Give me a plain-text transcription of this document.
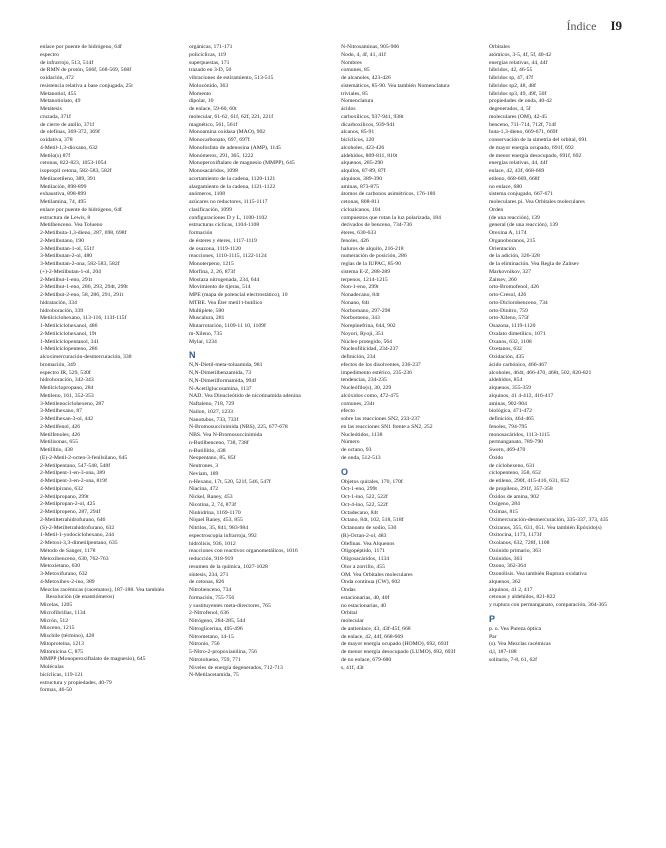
Índice I9
enlace por puente de hidrógeno, 64f
espectro
de infrarrojo, 513, 514f
de RMN de protón, 566f, 568-569, 568f
oxidación, 472
resistencia relativa a base conjugada, 25t
Metanotiol, 455
Metanotiolato, 49
Metátesis
cruzada, 371f
de cierre de anillo, 371f
de olefinas, 369-372, 369f
oxidativa, 378
4-Metil-1,3-dioxano, 632
Metilo(s) 87f
cetonas, 822-823, 1053-1054
isopropil cetona, 582-583, 582f
Metilacetileno, 389, 391
Metilación, 898-899
exhaustiva, 898-899
Metilamina, 74, 495
enlace por puente de hidrógeno, 64f
estructura de Lewis, 8
Metilbenceno. Vea Tolueno
2-Metilbuta-1,3-dieno, 287, 698, 698f
2-Metilbutano, 190
3-Metilbutan-1-ol, 551f
3-Metilbutan-2-ol, 480
3-Metilbutan-2-ona, 582-583, 582f
(+)-2-Metilbutan-1-ol, 204
2-Metilbut-1-eno, 291t
2-Metilbut-1-eno, 286, 293, 294t, 299t
2-Metilbut-2-eno, 58, 286, 291, 291t
hidratación, 334
hidroboración, 339
Metilciclohexano, 113-116, 113f-115f
1-Metilciclohexanol, 486
2-Metilciclohexanol, 19t
1-Metilciclopentanol, 341
1-Metilciclopenteno, 286
alcoximercuración-desmercuración, 338
bromación, 349
espectro IR, 529, 530f
hidroboración, 342-343
Metilciclopropano, 284
Metileno, 161, 352-353
3-Metilenociclohexeno, 287
3-Metilhexano, 87
3-Metilhexan-3-ol, 442
2-Metilfenol, 426
Metilfenoles, 426
Metilisonas, 655
Metillitio, 438
(E)-2-Metil-2-octen-3-fenilsilano, 645
2-Metilpentano, 547-548, 548f
2-Metilpent-1-en-3-ona, 389
4-Metilpent-3-en-2-ona, 819f
4-Metilpirano, 632
2-Metilpropano, 299t
2-Metilpropan-2-ol, 425
2-Metilpropeno, 287, 294f
2-Metiltetrahidrofurano, 646
(S)-2-Metiltetrahidrofurano, 632
1-Metil-1-yodociclohexano, 244
2-Metoxi-3,3-dimetilpentano, 635
Método de Sanger, 1178
Metoxibenceno, 630, 762-763
Metoxietano, 630
3-Metoxifurano, 632
4-Metoxihex-2-ino, 389
Mezclas racémicas (racematos), 187-188. Vea también Resolución (de enantiómeros)
Micelas, 1205
Microfibrillas, 1134
Micrón, 512
Mioceno, 1215
Mischile (término), 428
Mitoproteína, 1213
Mitomicina C, 875
MMPP (Monoperoxiftalato de magnesio), 645
Moléculas
bicíclicas, 119-121
estructura y propiedades, 40-79
formas, 46-50
orgánicas, 171-171
policíclicas, 119
superpuestas, 171
trazado en 3-D, 50
vibraciones de estiramiento, 513-515
Molozónido, 363
Momento
dipolar, 10
de enlace, 59-60, 60t
molecular, 61-62, 61f, 62f, 221, 221f
magnético, 561, 561f
Monoamina oxidasa (MAO), 902
Monocarbonato, 697, 697f
Monofosfato de adenosina (AMP), 1145
Monómeros, 291, 365, 1222
Monoperoxiftalato de magnesio (MMPP), 645
Monosacáridos, 1098
acortamiento de la cadena, 1120-1121
alargamiento de la cadena, 1121-1122
anómeros, 1108
azúcares no reductores, 1115-1117
clasificación, 1099
configuraciones D y L, 1100-1102
estructuras cíclicas, 1104-1108
formación
de ésteres y éteres, 1117-1119
de osazona, 1119-1120
reacciones, 1110-1115, 1122-1124
Monoterpeno, 1215
Morfina, 2, 26, 873f
Mostaza nitrogenada, 234, 644
Movimiento de tijeras, 514
MPE (mapa de potencial electrostático), 10
MTBE. Vea Éter metil t-butílico
Multiplete, 580
Muscalura, 281
Mutarrotación, 1109-11 10, 1109f
m-Xileno, 735
Mylar, 1234
N
N,N-Dietil-meta-toluamida, 981
N,N-Dimetilbenzamida, 73
N,N-Dimetilformamida, 994f
N-Acetilglucosamina, 1137
NAD. Vea Dinucleótido de nicotinamida adenina
Naftaleno, 718, 729
Nailon, 1027, 1233
Nanotubos, 733, 733f
N-Bromosuccinimida (NBS), 225, 677-678
NBS. Vea N-Bromosuccinimida
n-Butilbenceno, 738, 738f
n-Butillitio, 438
Neopentano, 85, 85f
Neutrones, 3
Neviam, 189
n-Hexano, 17t, 520, 521f, 546, 547f
Niacina, 472
Nickel, Raney, 453
Nicotina, 2, 74, 873f
Ninhidrina, 1169-1170
Níquel Raney, 453, 855
Nitrilos, 35, 841, 983-984
espectroscopia infrarroja, 992
hidrólisis, 936, 1012
reacciones con reactivos organometálicos, 1016
reducción, 918-919
resumen de la química, 1027-1028
síntesis, 234, 271
de cetonas, 826
Nitrobenceno, 734
formación, 755-756
y sustituyentes meta-directores, 765
2-Nitrofenol, 636
Nitrógeno, 284-285, 544
Nitroglicerina, 495-496
Nitrometano, 14-15
Nitronio, 756
5-Nitro-2-propoxianilina, 756
Nitrotolueno, 759, 771
Niveles de energía degenerados, 712-713
N-Metilacetamida, 75
N-Nitrosaminas, 905-906
Nodo, 4, 4f, 41, 41f
Nombres
comunes, 85
de alcanoles, 423-426
sistemáticos, 85-90. Vea también Nomenclatura
triviales, 85
Nomenclatura
ácidos
carboxílicos, 937-941, 938t
dicarboxílicos, 939-941
alcanos, 85-91
bicíclicos, 120
alcoholes, 423-426
aldehídos, 809-811, 810t
alquenos, 285-290
alquilos, 87-89, 87f
alquinos, 389-390
aminas, 873-875
átomos de carbonos asimétricos, 176-180
cetonas, 808-811
cicloalcanos, 104
compuestos que rotan la luz polarizada, 184
derivados de benceno, 734-736
éteres, 630-633
fenoles, 426
haluros de alquilo, 216-218
numeración de posición, 286
reglas de la IUPAC, 85-90
sistema E-Z, 288-289
terpenos, 1214-1215
Non-1-eno, 299t
Nonadecano, 84t
Nonano, 84t
Norbornano, 297-298
Norborneno, 343
Norepinefrina, 644, 902
Noyori, Ryoji, 351
Núcleo protegido, 564
Nucleofilicidad, 234-237
definición, 234
efectos de los disolventes, 236-237
impedimento estérico, 235-236
tendencias, 234-235
Nucleófilo(s), 30, 229
alcóxidos como, 472-475
comunes, 234t
efecto
sobre las reacciones SN2, 233-237
en las reacciones SN1 frente a SN2, 252
Nucleótidos, 1138
Número
de octano, 93
de onda, 512-513
O
Objetos quirales, 170, 170f
Oct-1-eno, 299t
Oct-1-ino, 522, 522f
Oct-4-ino, 522, 522f
Octadecano, 84t
Octano, 84t, 102, 518, 518f
Octanoato de sodio, 530
(R)-Octan-2-ol, 483
Olefinas. Vea Alquenos
Oligopéptido, 1171
Oligosacáridos, 1134
Olor a zorrillo, 455
OM. Vea Orbitales moleculares
Onda continua (CW), 602
Ondas
estacionarias, 40, 40f
no estacionarias, 40
Orbital
molecular
de antienlace, 43, 43f-45f, 668
de enlace, 42, 44f, 668-669
de mayor energía ocupado (HOMO), 692, 693f
de menor energía desocupado (LUMO), 692, 693f
de no enlace, 679-680
s, 41f, 43t
Orbitales
atómicos, 3-5, 4f, 5f, 40-42
energías relativas, 44, 44f
híbridos, 42, 46-55
híbridos sp, 47, 47f
híbridos sp2, 48, 48f
híbridos sp3, 49, 49f, 50f
propiedades de onda, 40-42
degenerados, 4, 5f
moleculares (OM), 42-45
benceno, 711-714, 712f, 714f
buta-1,3-dieno, 669-671, 669f
conservación de la simetría del orbital, 691
de mayor energía ocupado, 691f, 692
de menor energía desocupado, 691f, 692
energías relativas, 44, 44f
enlace, 42, 43f, 668-669
etileno, 668-669, 668f
no enlace, 680
sistema conjugado, 667-671
moleculares pi. Vea Orbitales moleculares
Orden
(de una reacción), 139
general (de una reacción), 139
Orexina A, 1174
Organoboranos, 215
Orientación
de la adición, 326-328
de la eliminación. Vea Regla de Zaitsev
Markovnikov, 327
Zaitsev, 260
orto-Bromofenol, 426
orto-Cresol, 426
orto-Diclorobenceno, 734
orto-Dinitro, 759
orto-Xileno, 575f
Osazona, 1119-1120
Oxalato dimetílico, 1071
Oxanos, 632, 1108
Oxetanos, 632
Oxidación, 435
ácido carbónico, 466-467
alcoholes, 464t, 466-470, 468t, 502, 820-821
aldehídos, 854
alquenos, 355-359
alquinos, 41 4-412, 416-417
aminas, 902-904
biológica, 471-472
definición, 464-465
fenoles, 794-795
monosacáridos, 1113-1115
permanganato, 789-790
Swern, 469-470
Óxido
de ciclohexeno, 631
ciclopenteno, 358, 652
de etileno, 290f, 415-416, 631, 652
de propileno, 291f, 357-358
Óxidos de amina, 902
Oxígeno, 284
Oxímas, 815
Oximercuración-desmercuración, 335-337, 373, 435
Oxiranos, 355, 631, 651. Vea también Epóxido(s)
Oxitocina, 1173, 1173f
Oxolanos, 632, 728f, 1108
Ozónido primario, 363
Ozónidos, 363
Ozono, 362-364
Ozonólisis. Vea también Ruptura oxidativa
alquenos, 362
alquinos, 41 2, 417
cetonas y aldehídos, 821-822
y ruptura con permanganato, comparación, 364-365
P
p. o. Vea Pureza óptica
Par
(s). Vea Mezclas racémicas
d,l, 187-188
solitario, 7-8, 61, 62f
